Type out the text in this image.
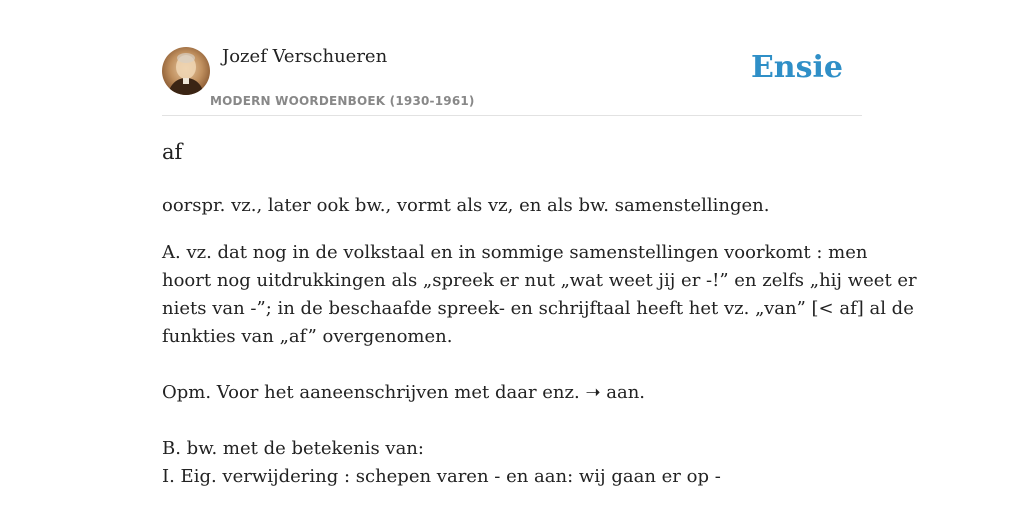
Jozef Verschueren
MODERN WOORDENBOEK (1930-1961)
Ensie
af

oorspr. vz., later ook bw., vormt als vz, en als bw. samenstellingen.

A. vz. dat nog in de volkstaal en in sommige samenstellingen voorkomt : men
hoort nog uitdrukkingen als „spreek er nut „wat weet jij er -!” en zelfs „hij weet er
niets van -”; in de beschaafde spreek- en schrijftaal heeft het vz. „van” [< af] al de
funkties van „af” overgenomen.

Opm. Voor het aaneenschrijven met daar enz. ➝ aan.

B. bw. met de betekenis van:
I. Eig. verwijdering : schepen varen - en aan: wij gaan er op -
